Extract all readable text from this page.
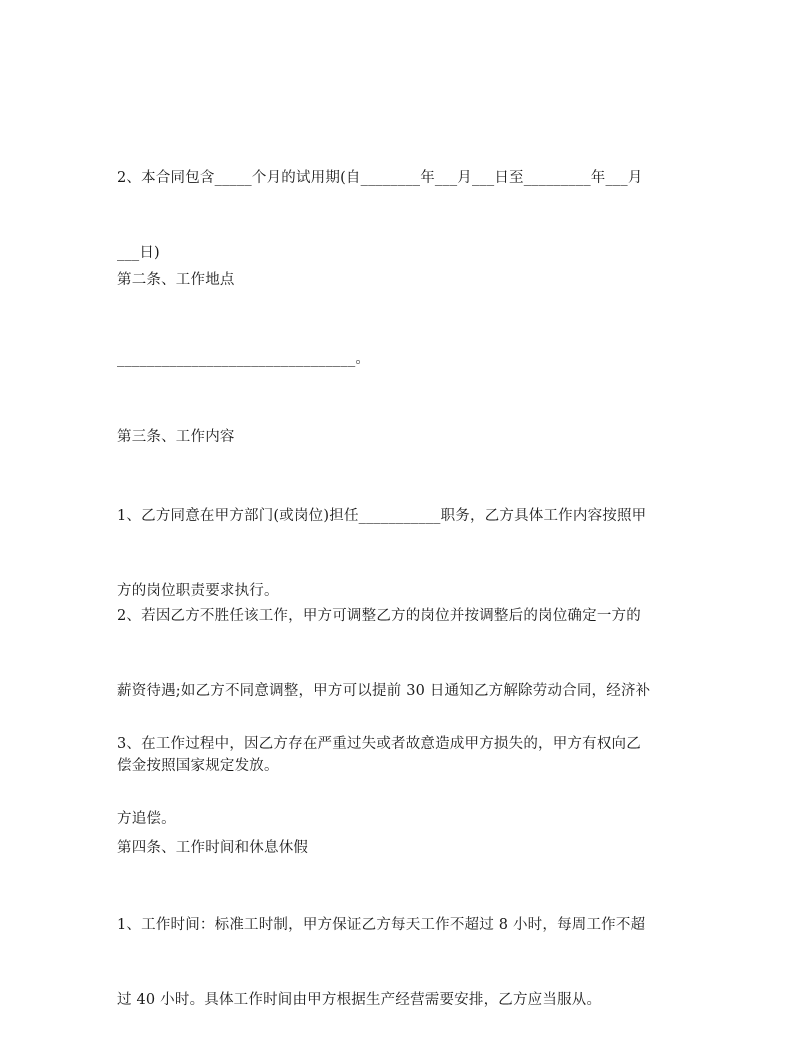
2、本合同包含_____个月的试用期(自________年___月___日至_________年___月

___日)

第二条、工作地点

________________________________。

第三条、工作内容

1、乙方同意在甲方部门(或岗位)担任___________职务，乙方具体工作内容按照甲

方的岗位职责要求执行。

2、若因乙方不胜任该工作，甲方可调整乙方的岗位并按调整后的岗位确定一方的

薪资待遇;如乙方不同意调整，甲方可以提前 30 日通知乙方解除劳动合同，经济补

偿金按照国家规定发放。

3、在工作过程中，因乙方存在严重过失或者故意造成甲方损失的，甲方有权向乙

方追偿。

第四条、工作时间和休息休假

1、工作时间：标准工时制，甲方保证乙方每天工作不超过 8 小时，每周工作不超

过 40 小时。具体工作时间由甲方根据生产经营需要安排，乙方应当服从。
